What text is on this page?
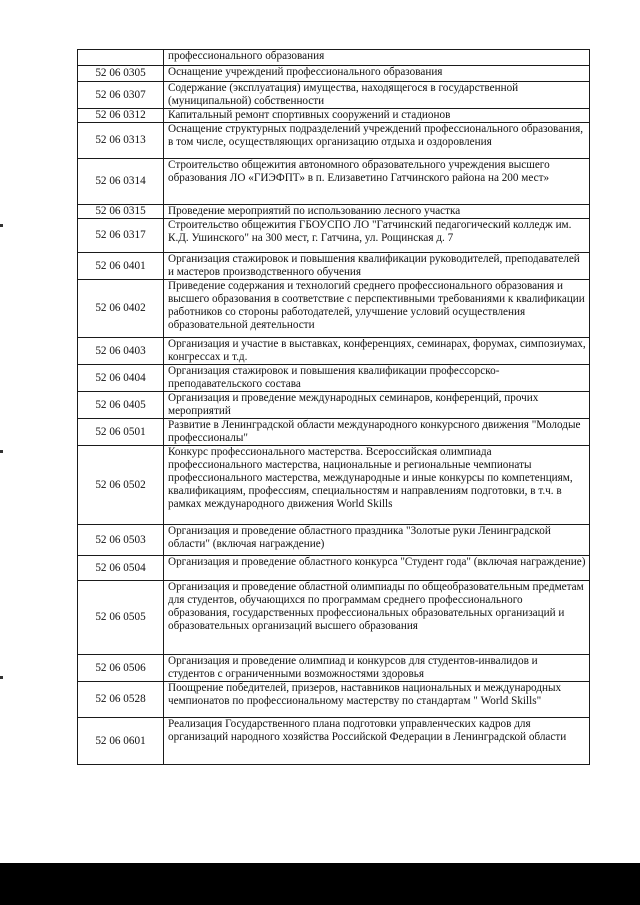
	профессионального образования
52 06 0305	Оснащение учреждений профессионального образования
52 06 0307	Содержание (эксплуатация) имущества, находящегося в государственной (муниципальной) собственности
52 06 0312	Капитальный ремонт спортивных сооружений и стадионов
52 06 0313	Оснащение структурных подразделений учреждений профессионального образования, в том числе, осуществляющих организацию отдыха и оздоровления
52 06 0314	Строительство общежития автономного образовательного учреждения высшего образования ЛО «ГИЭФПТ» в п. Елизаветино Гатчинского района на 200 мест»
52 06 0315	Проведение мероприятий по использованию лесного участка
52 06 0317	Строительство общежития ГБОУСПО ЛО "Гатчинский педагогический колледж им. К.Д. Ушинского" на 300 мест, г. Гатчина, ул. Рощинская д. 7
52 06 0401	Организация стажировок и повышения квалификации руководителей, преподавателей и мастеров производственного обучения
52 06 0402	Приведение содержания и технологий среднего профессионального образования и высшего образования в соответствие с перспективными требованиями к квалификации работников со стороны работодателей, улучшение условий осуществления образовательной деятельности
52 06 0403	Организация и участие в выставках, конференциях, семинарах, форумах, симпозиумах, конгрессах и т.д.
52 06 0404	Организация стажировок и повышения квалификации профессорско-преподавательского состава
52 06 0405	Организация и проведение международных семинаров, конференций, прочих мероприятий
52 06 0501	Развитие в Ленинградской области международного конкурсного движения "Молодые профессионалы"
52 06 0502	Конкурс профессионального мастерства. Всероссийская олимпиада профессионального мастерства, национальные и региональные чемпионаты профессионального мастерства, международные и иные конкурсы по компетенциям, квалификациям, профессиям, специальностям и направлениям подготовки, в т.ч. в рамках международного движения World Skills
52 06 0503	Организация и проведение областного праздника "Золотые руки Ленинградской области" (включая награждение)
52 06 0504	Организация и проведение областного конкурса "Студент года" (включая награждение)
52 06 0505	Организация и проведение областной олимпиады по общеобразовательным предметам для студентов, обучающихся по программам среднего профессионального образования, государственных профессиональных образовательных организаций и образовательных организаций высшего образования
52 06 0506	Организация и проведение олимпиад и конкурсов для студентов-инвалидов и студентов с ограниченными возможностями здоровья
52 06 0528	Поощрение победителей, призеров, наставников национальных и международных чемпионатов по профессиональному мастерству по стандартам " World Skills"
52 06 0601	Реализация Государственного плана подготовки управленческих кадров для организаций народного хозяйства Российской Федерации в Ленинградской области
